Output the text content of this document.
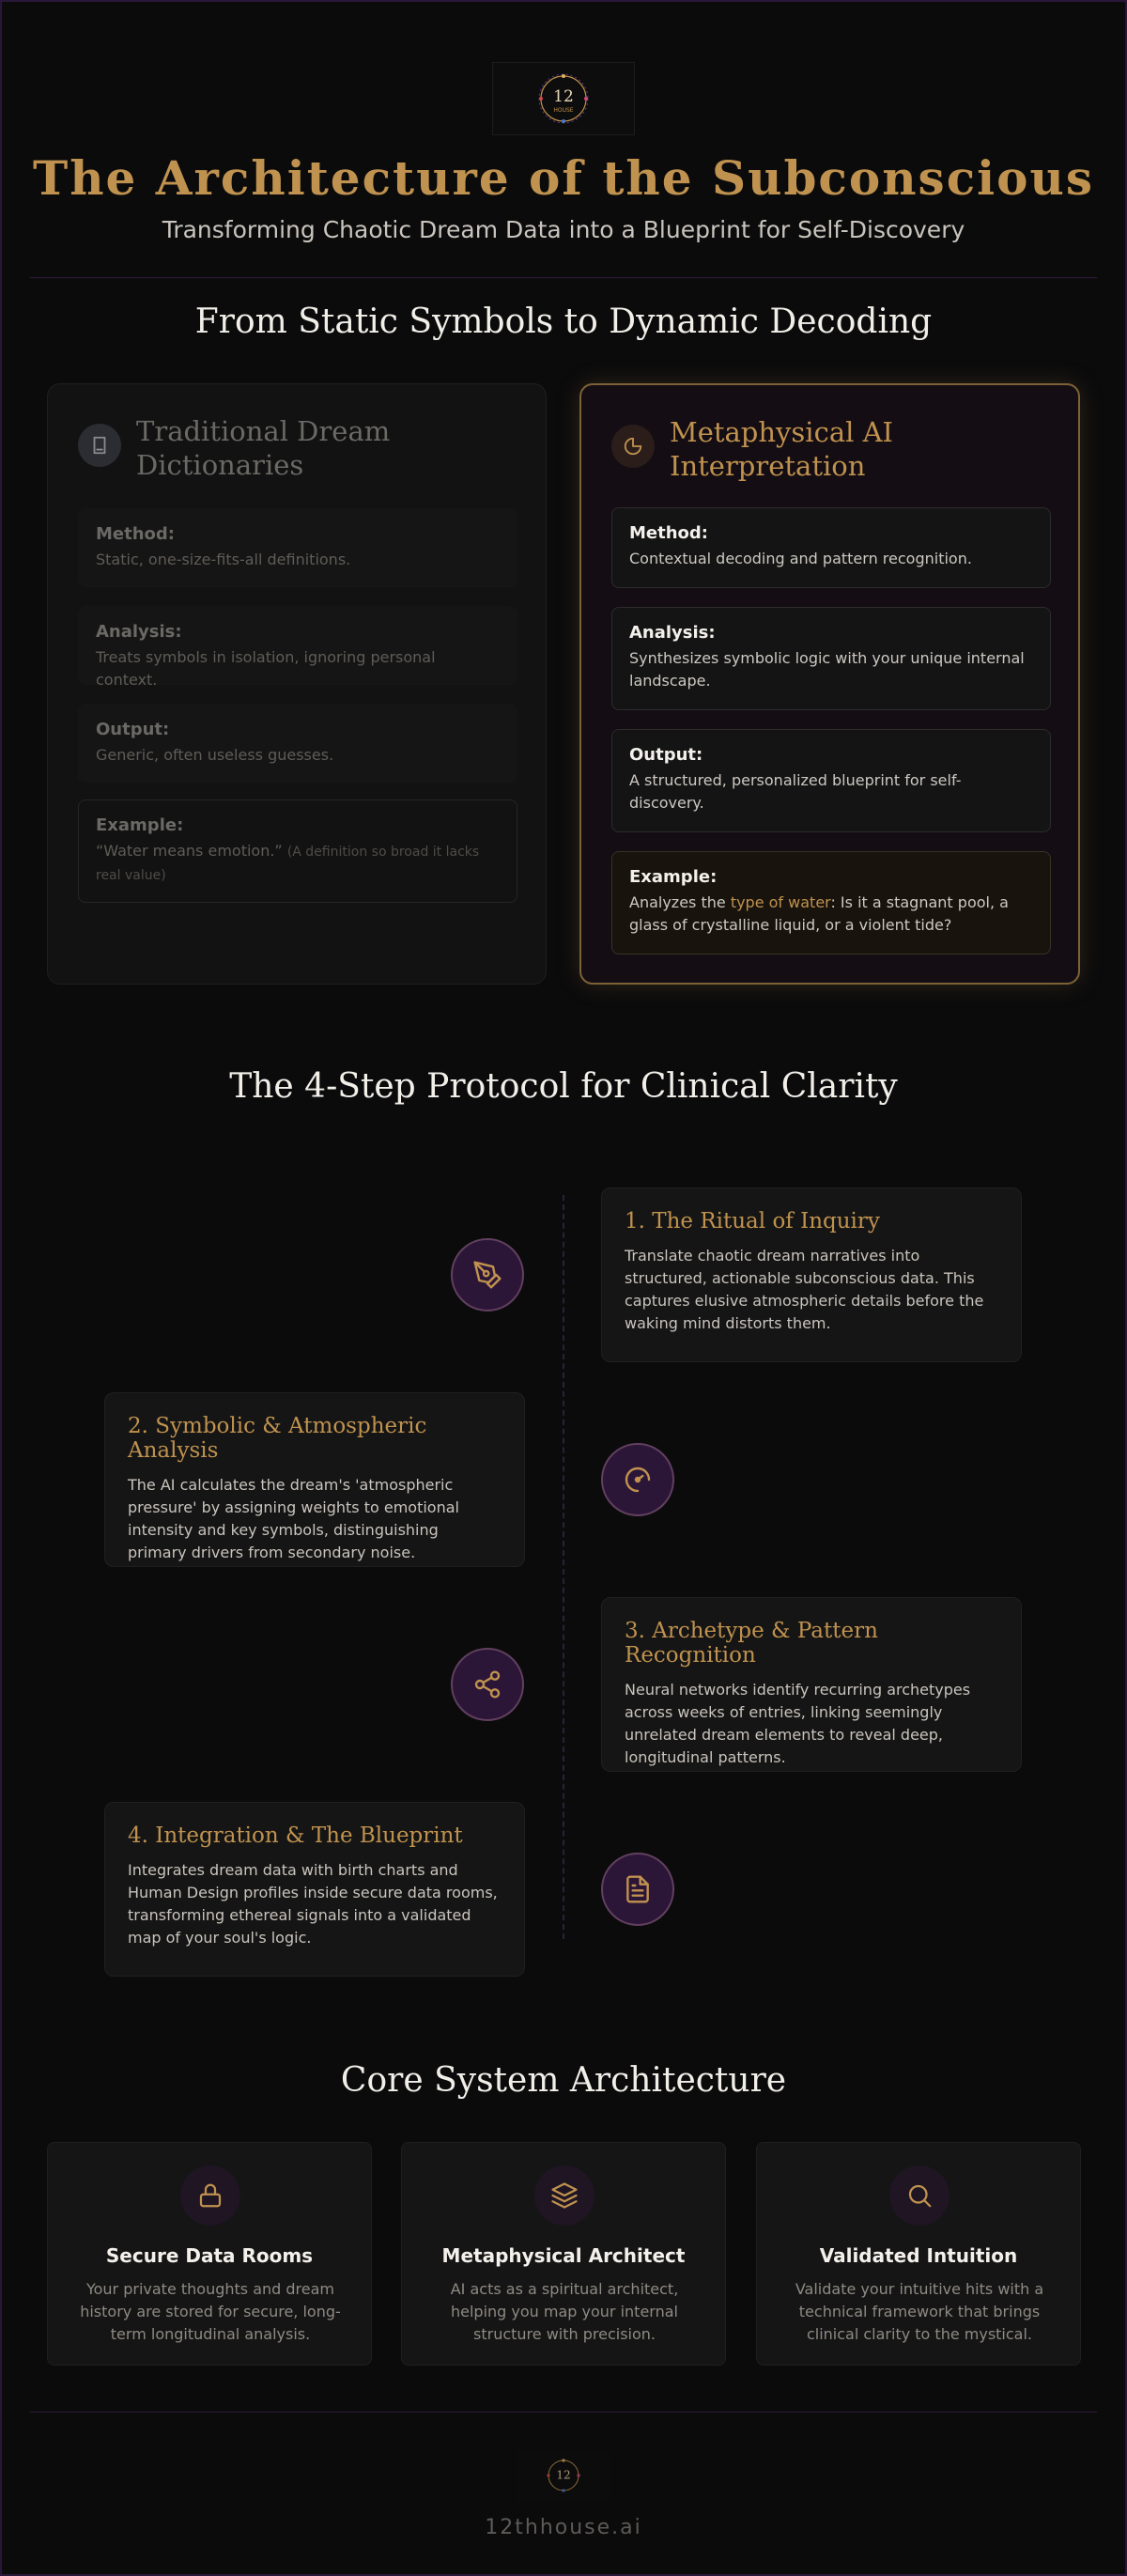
12
HOUSE
The Architecture of the Subconscious
Transforming Chaotic Dream Data into a Blueprint for Self-Discovery
From Static Symbols to Dynamic Decoding
Traditional Dream Dictionaries
Method:
Static, one-size-fits-all definitions.
Analysis:
Treats symbols in isolation, ignoring personal context.
Output:
Generic, often useless guesses.
Example:
“Water means emotion.” (A definition so broad it lacks real value)
Metaphysical AI Interpretation
Method:
Contextual decoding and pattern recognition.
Analysis:
Synthesizes symbolic logic with your unique internal landscape.
Output:
A structured, personalized blueprint for self-discovery.
Example:
Analyzes the type of water: Is it a stagnant pool, a glass of crystalline liquid, or a violent tide?
The 4-Step Protocol for Clinical Clarity
1. The Ritual of Inquiry
Translate chaotic dream narratives into structured, actionable subconscious data. This captures elusive atmospheric details before the waking mind distorts them.
2. Symbolic & Atmospheric Analysis
The AI calculates the dream's 'atmospheric pressure' by assigning weights to emotional intensity and key symbols, distinguishing primary drivers from secondary noise.
3. Archetype & Pattern Recognition
Neural networks identify recurring archetypes across weeks of entries, linking seemingly unrelated dream elements to reveal deep, longitudinal patterns.
4. Integration & The Blueprint
Integrates dream data with birth charts and Human Design profiles inside secure data rooms, transforming ethereal signals into a validated map of your soul's logic.
Core System Architecture
Secure Data Rooms
Your private thoughts and dream history are stored for secure, long-term longitudinal analysis.
Metaphysical Architect
AI acts as a spiritual architect, helping you map your internal structure with precision.
Validated Intuition
Validate your intuitive hits with a technical framework that brings clinical clarity to the mystical.
12
12thhouse.ai
